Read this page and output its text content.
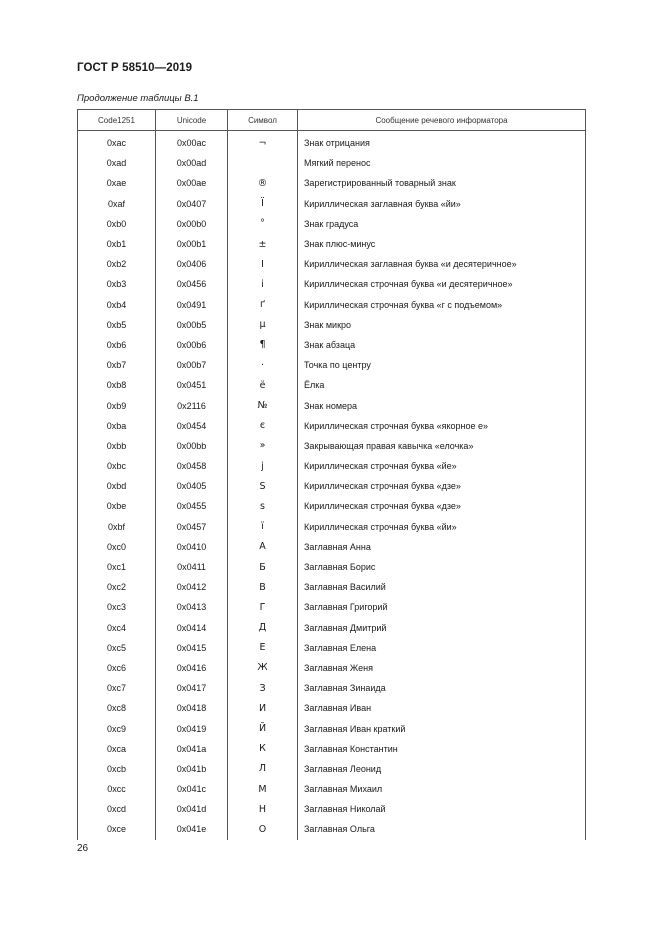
ГОСТ Р 58510—2019
Продолжение таблицы В.1
Code1251	Unicode	Символ	Сообщение речевого информатора
0xac	0x00ac	¬	Знак отрицания
0xad	0x00ad		Мягкий перенос
0xae	0x00ae	®	Зарегистрированный товарный знак
0xaf	0x0407	Ї	Кириллическая заглавная буква «йи»
0xb0	0x00b0	°	Знак градуса
0xb1	0x00b1	±	Знак плюс-минус
0xb2	0x0406	І	Кириллическая заглавная буква «и десятеричное»
0xb3	0x0456	і	Кириллическая строчная буква «и десятеричное»
0xb4	0x0491	ґ	Кириллическая строчная буква «г с подъемом»
0xb5	0x00b5	µ	Знак микро
0xb6	0x00b6	¶	Знак абзаца
0xb7	0x00b7	·	Точка по центру
0xb8	0x0451	ё	Ёлка
0xb9	0x2116	№	Знак номера
0xba	0x0454	є	Кириллическая строчная буква «якорное е»
0xbb	0x00bb	»	Закрывающая правая кавычка «елочка»
0xbc	0x0458	ј	Кириллическая строчная буква «йе»
0xbd	0x0405	Ѕ	Кириллическая строчная буква «дзе»
0xbe	0x0455	ѕ	Кириллическая строчная буква «дзе»
0xbf	0x0457	ї	Кириллическая строчная буква «йи»
0xc0	0x0410	А	Заглавная Анна
0xc1	0x0411	Б	Заглавная Борис
0xc2	0x0412	В	Заглавная Василий
0xc3	0x0413	Г	Заглавная Григорий
0xc4	0x0414	Д	Заглавная Дмитрий
0xc5	0x0415	Е	Заглавная Елена
0xc6	0x0416	Ж	Заглавная Женя
0xc7	0x0417	З	Заглавная Зинаида
0xc8	0x0418	И	Заглавная Иван
0xc9	0x0419	Й	Заглавная Иван краткий
0xca	0x041a	К	Заглавная Константин
0xcb	0x041b	Л	Заглавная Леонид
0xcc	0x041c	М	Заглавная Михаил
0xcd	0x041d	Н	Заглавная Николай
0xce	0x041e	О	Заглавная Ольга
26
